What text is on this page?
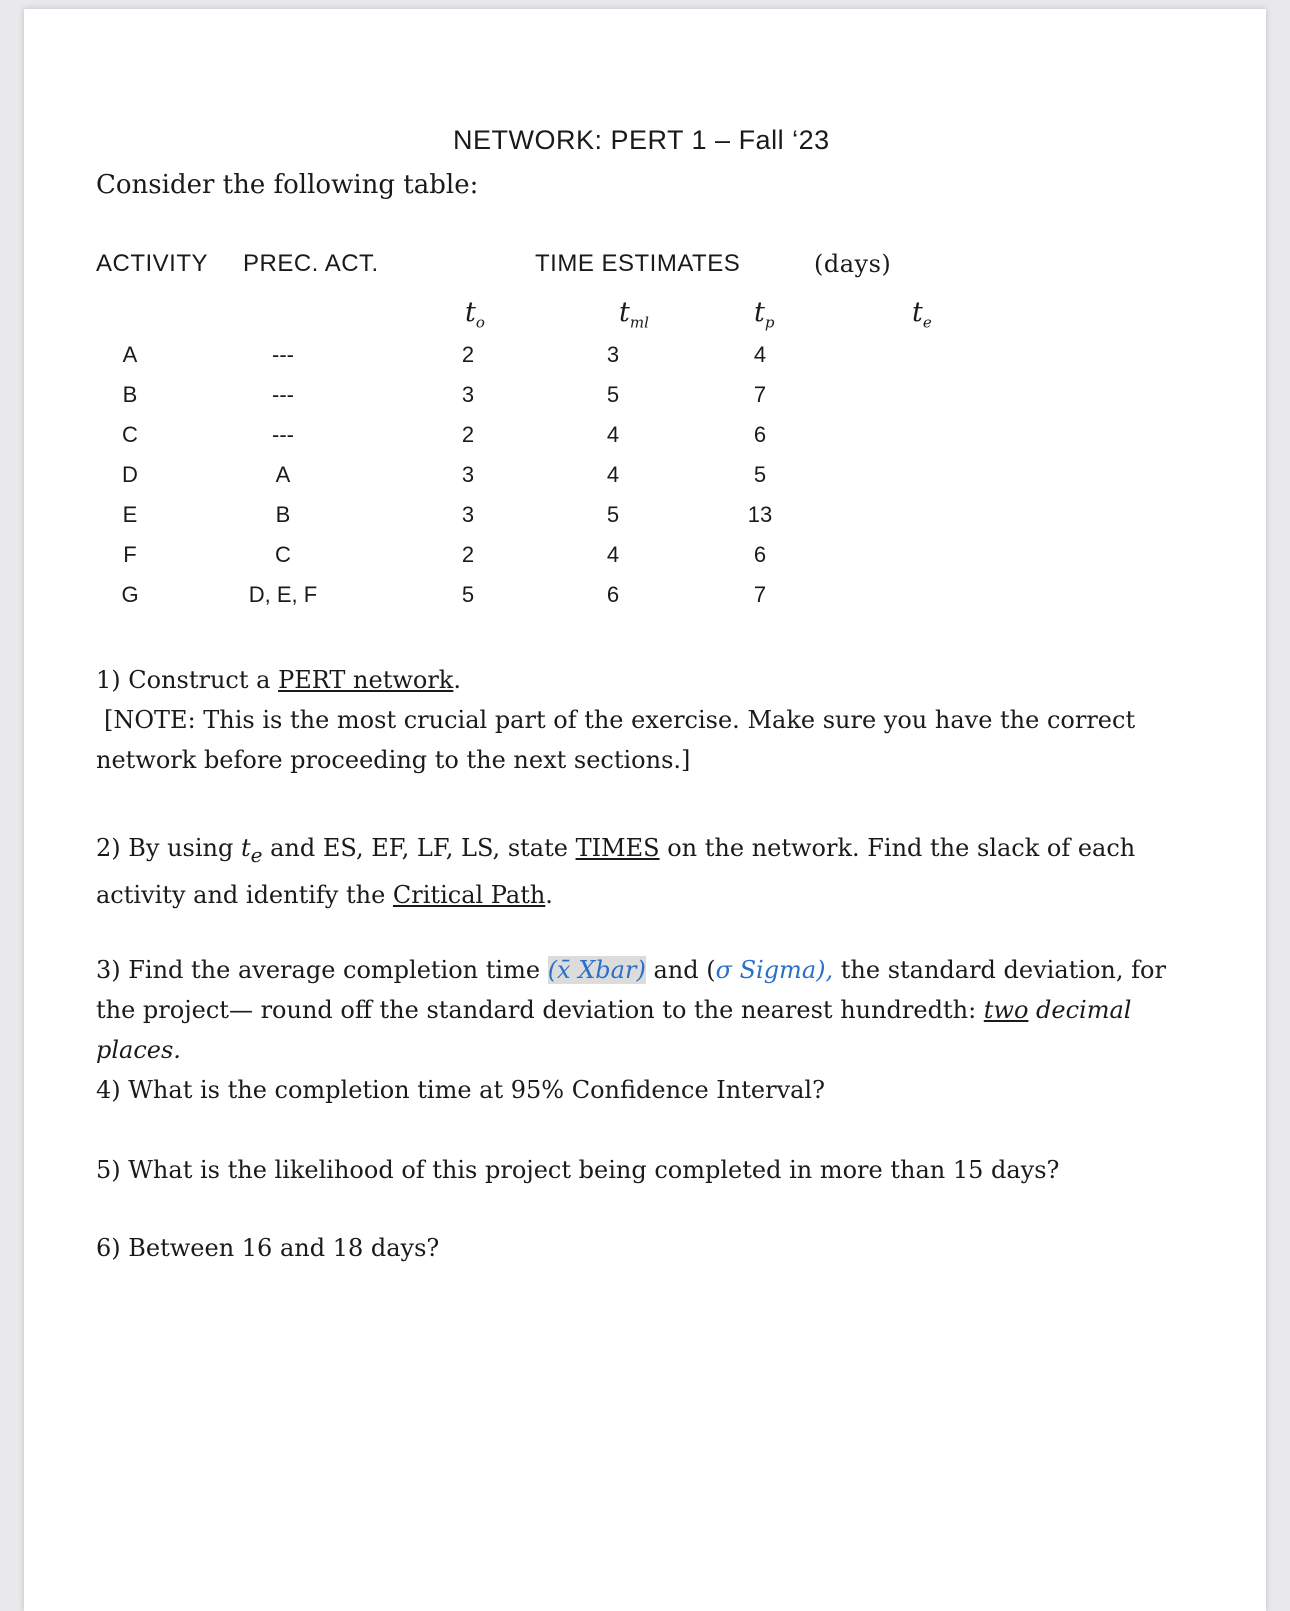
NETWORK: PERT 1 – Fall ‘23
Consider the following table:
ACTIVITY PREC. ACT.	TIME ESTIMATES	(days)
$t_o$	$t_{ml}$	$t_p$	$t_e$
A	---	2	3	4
B	---	3	5	7
C	---	2	4	6
D	A	3	4	5
E	B	3	5	13
F	C	2	4	6
G	D, E, F	5	6	7
1) Construct a PERT network.
[NOTE: This is the most crucial part of the exercise. Make sure you have the correct network before proceeding to the next sections.]
2) By using $t_e$ and ES, EF, LF, LS, state TIMES on the network. Find the slack of each activity and identify the Critical Path.
3) Find the average completion time (x̄ Xbar) and (σ Sigma), the standard deviation, for the project— round off the standard deviation to the nearest hundredth: two decimal places.
4) What is the completion time at 95% Confidence Interval?
5) What is the likelihood of this project being completed in more than 15 days?
6) Between 16 and 18 days?
